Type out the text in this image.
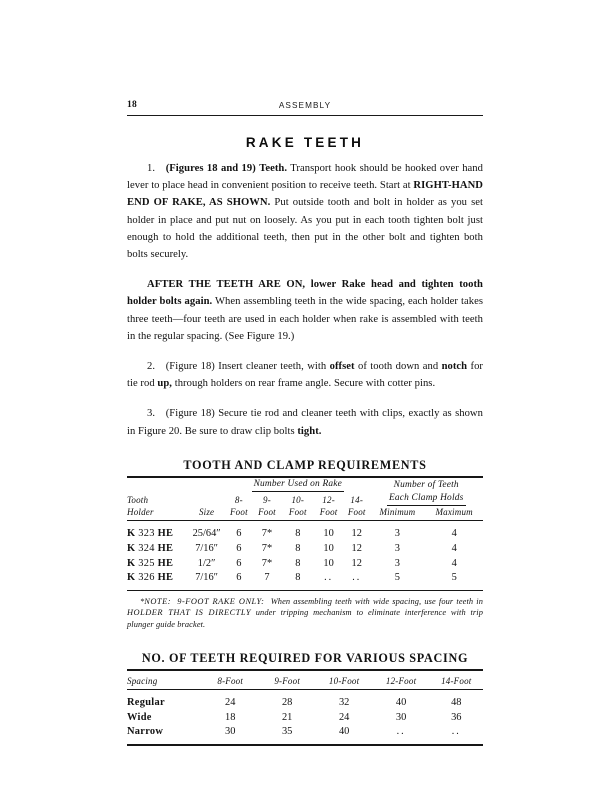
18	ASSEMBLY
RAKE TEETH

1. (Figures 18 and 19) Teeth. Transport hook should be hooked over hand lever to place head in convenient position to receive teeth. Start at RIGHT-HAND END OF RAKE, AS SHOWN. Put outside tooth and bolt in holder as you set holder in place and put nut on loosely. As you put in each tooth tighten bolt just enough to hold the additional teeth, then put in the other bolt and tighten both bolts securely.

AFTER THE TEETH ARE ON, lower Rake head and tighten tooth holder bolts again. When assembling teeth in the wide spacing, each holder takes three teeth—four teeth are used in each holder when rake is assembled with teeth in the regular spacing. (See Figure 19.)

2. (Figure 18) Insert cleaner teeth, with offset of tooth down and notch for tie rod up, through holders on rear frame angle. Secure with cotter pins.

3. (Figure 18) Secure tie rod and cleaner teeth with clips, exactly as shown in Figure 20. Be sure to draw clip bolts tight.

TOOTH AND CLAMP REQUIREMENTS
			Number Used on Rake				Number of Teeth	
Tooth		8-	9-	10-	12-	14-	Each Clamp Holds	
Holder	Size	Foot	Foot	Foot	Foot	Foot	Minimum	Maximum

K 323 HE	25/64″	6	7*	8	10	12	3	4
K 324 HE	7/16″	6	7*	8	10	12	3	4
K 325 HE	1/2″	6	7*	8	10	12	3	4
K 326 HE	7/16″	6	7	8	..	..	5	5

*NOTE: 9-FOOT RAKE ONLY: When assembling teeth with wide spacing, use four teeth in HOLDER THAT IS DIRECTLY under tripping mechanism to eliminate interference with trip plunger guide bracket.
NO. OF TEETH REQUIRED FOR VARIOUS SPACING
Spacing	8-Foot	9-Foot	10-Foot	12-Foot	14-Foot

Regular	24	28	32	40	48
Wide	18	21	24	30	36
Narrow	30	35	40	..	..
